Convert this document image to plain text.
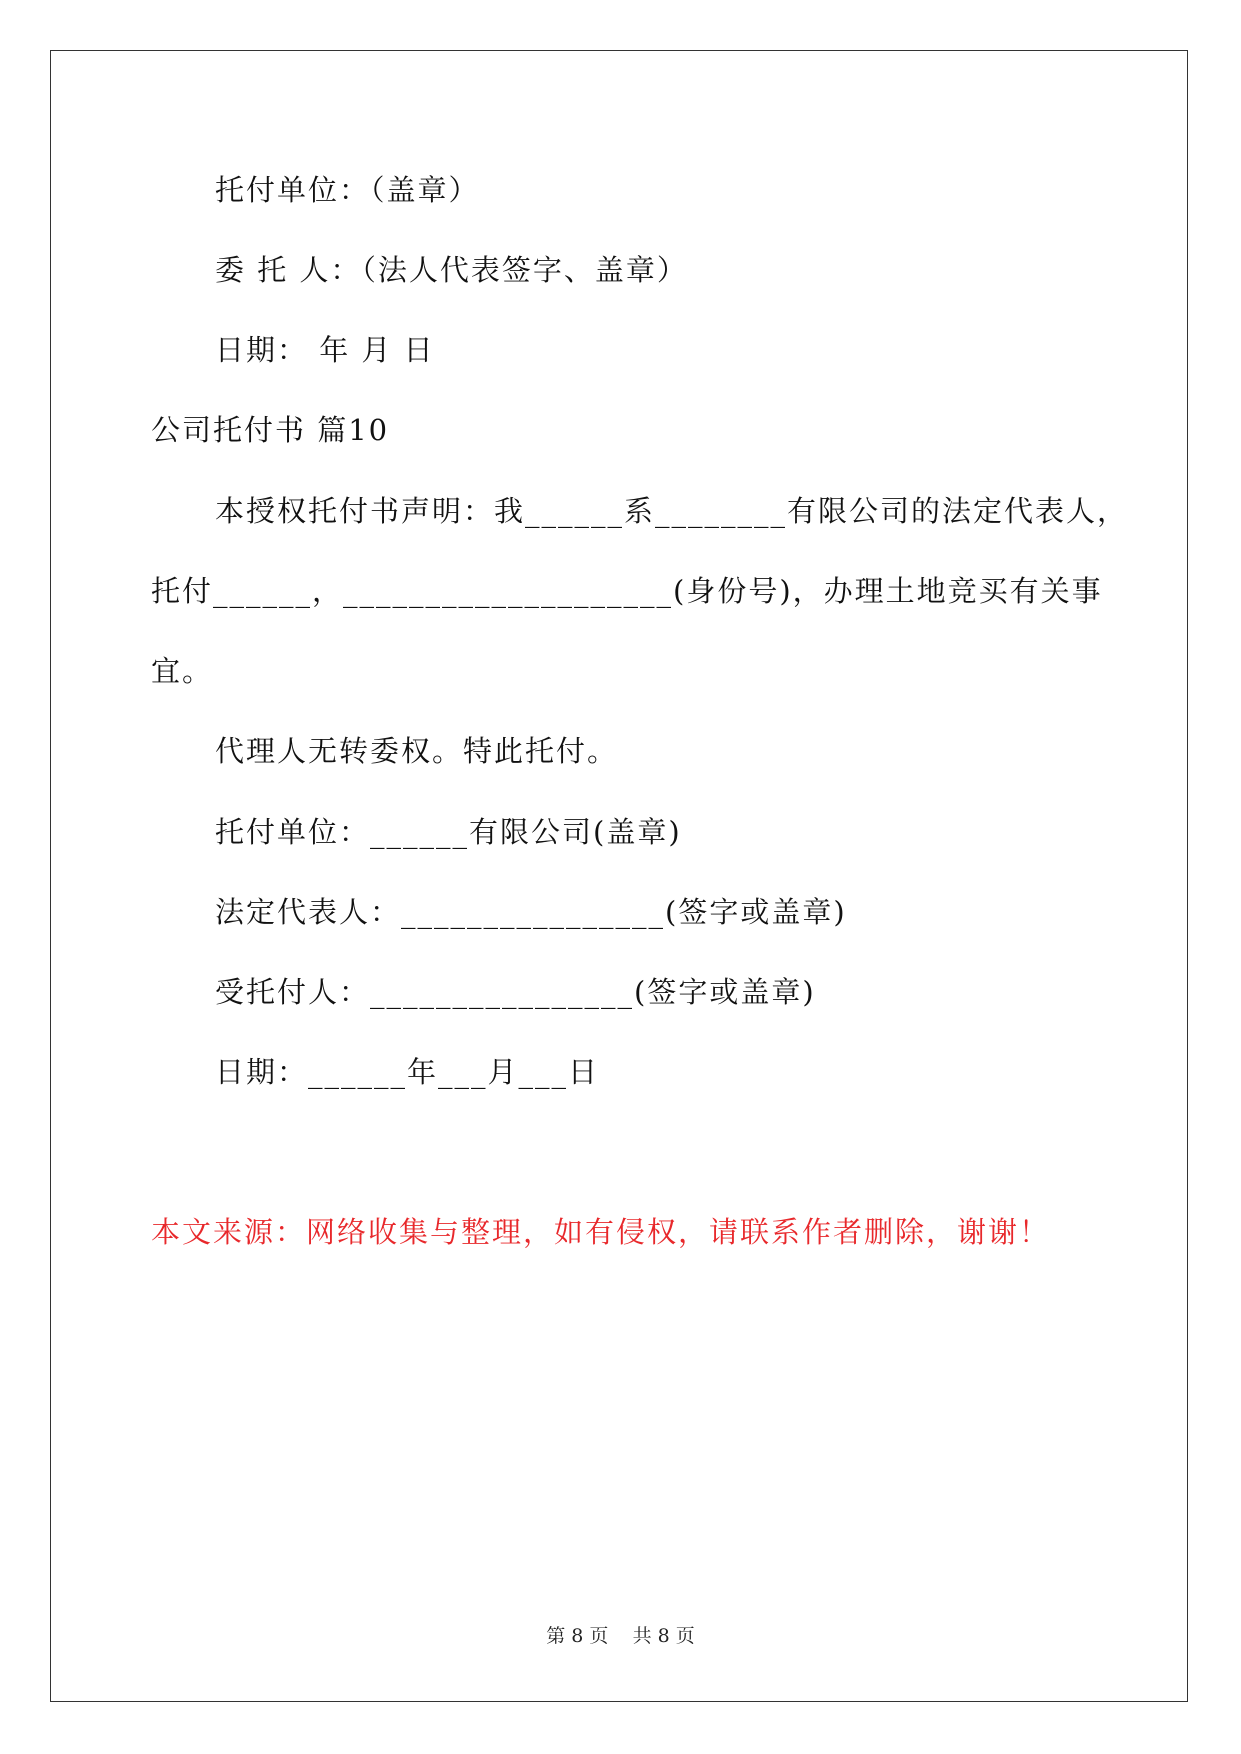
托付单位：（盖章）
委 托 人：（法人代表签字、盖章）
日期： 年 月 日
公司托付书 篇10
本授权托付书声明：我______系________有限公司的法定代表人，
托付______，____________________(身份号)，办理土地竞买有关事
宜。
代理人无转委权。特此托付。
托付单位：______有限公司(盖章)
法定代表人：________________(签字或盖章)
受托付人：________________(签字或盖章)
日期：______年___月___日
本文来源：网络收集与整理，如有侵权，请联系作者删除，谢谢！
第 8 页    共 8 页
